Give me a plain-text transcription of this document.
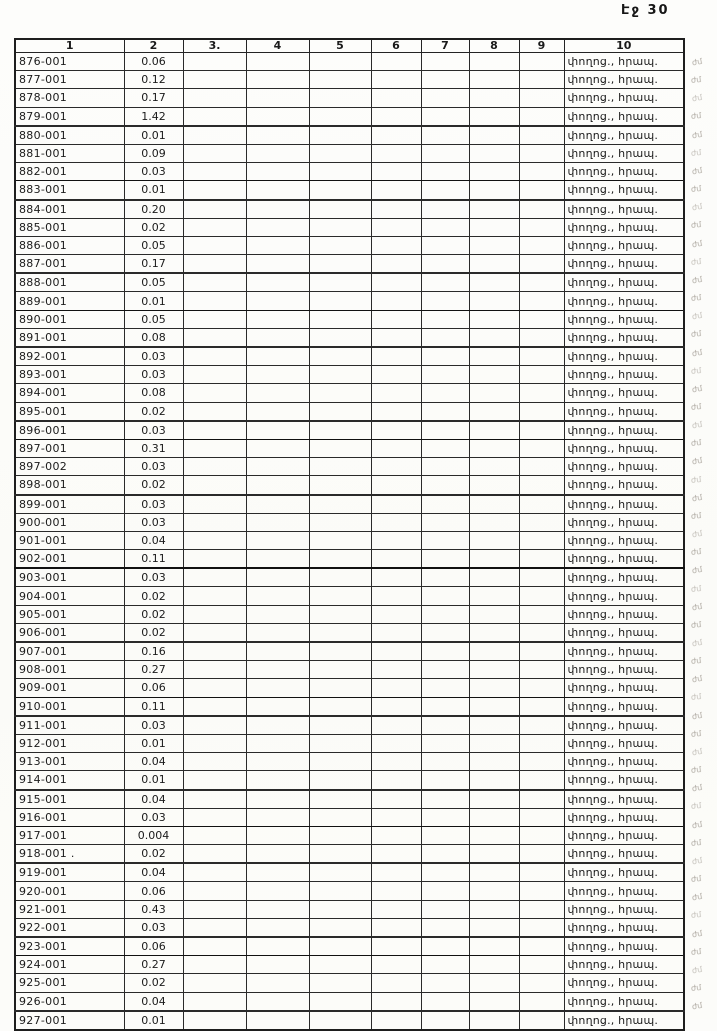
Էջ 30
1	2	3.	4	5	6	7	8	9	10
876-001	0.06								փողոց., հրապ.
877-001	0.12								փողոց., հրապ.
878-001	0.17								փողոց., հրապ.
879-001	1.42								փողոց., հրապ.
880-001	0.01								փողոց., հրապ.
881-001	0.09								փողոց., հրապ.
882-001	0.03								փողոց., հրապ.
883-001	0.01								փողոց., հրապ.
884-001	0.20								փողոց., հրապ.
885-001	0.02								փողոց., հրապ.
886-001	0.05								փողոց., հրապ.
887-001	0.17								փողոց., հրապ.
888-001	0.05								փողոց., հրապ.
889-001	0.01								փողոց., հրապ.
890-001	0.05								փողոց., հրապ.
891-001	0.08								փողոց., հրապ.
892-001	0.03								փողոց., հրապ.
893-001	0.03								փողոց., հրապ.
894-001	0.08								փողոց., հրապ.
895-001	0.02								փողոց., հրապ.
896-001	0.03								փողոց., հրապ.
897-001	0.31								փողոց., հրապ.
897-002	0.03								փողոց., հրապ.
898-001	0.02								փողոց., հրապ.
899-001	0.03								փողոց., հրապ.
900-001	0.03								փողոց., հրապ.
901-001	0.04								փողոց., հրապ.
902-001	0.11								փողոց., հրապ.
903-001	0.03								փողոց., հրապ.
904-001	0.02								փողոց., հրապ.
905-001	0.02								փողոց., հրապ.
906-001	0.02								փողոց., հրապ.
907-001	0.16								փողոց., հրապ.
908-001	0.27								փողոց., հրապ.
909-001	0.06								փողոց., հրապ.
910-001	0.11								փողոց., հրապ.
911-001	0.03								փողոց., հրապ.
912-001	0.01								փողոց., հրապ.
913-001	0.04								փողոց., հրապ.
914-001	0.01								փողոց., հրապ.
915-001	0.04								փողոց., հրապ.
916-001	0.03								փողոց., հրապ.
917-001	0.004								փողոց., հրապ.
918-001 .	0.02								փողոց., հրապ.
919-001	0.04								փողոց., հրապ.
920-001	0.06								փողոց., հրապ.
921-001	0.43								փողոց., հրապ.
922-001	0.03								փողոց., հրապ.
923-001	0.06								փողոց., հրապ.
924-001	0.27								փողոց., հրապ.
925-001	0.02								փողոց., հրապ.
926-001	0.04								փողոց., հրապ.
927-001	0.01								փողոց., հրապ.
ժմ
ժմ
ժմ
ժմ
ժմ
ժմ
ժմ
ժմ
ժմ
ժմ
ժմ
ժմ
ժմ
ժմ
ժմ
ժմ
ժմ
ժմ
ժմ
ժմ
ժմ
ժմ
ժմ
ժմ
ժմ
ժմ
ժմ
ժմ
ժմ
ժմ
ժմ
ժմ
ժմ
ժմ
ժմ
ժմ
ժմ
ժմ
ժմ
ժմ
ժմ
ժմ
ժմ
ժմ
ժմ
ժմ
ժմ
ժմ
ժմ
ժմ
ժմ
ժմ
ժմ
